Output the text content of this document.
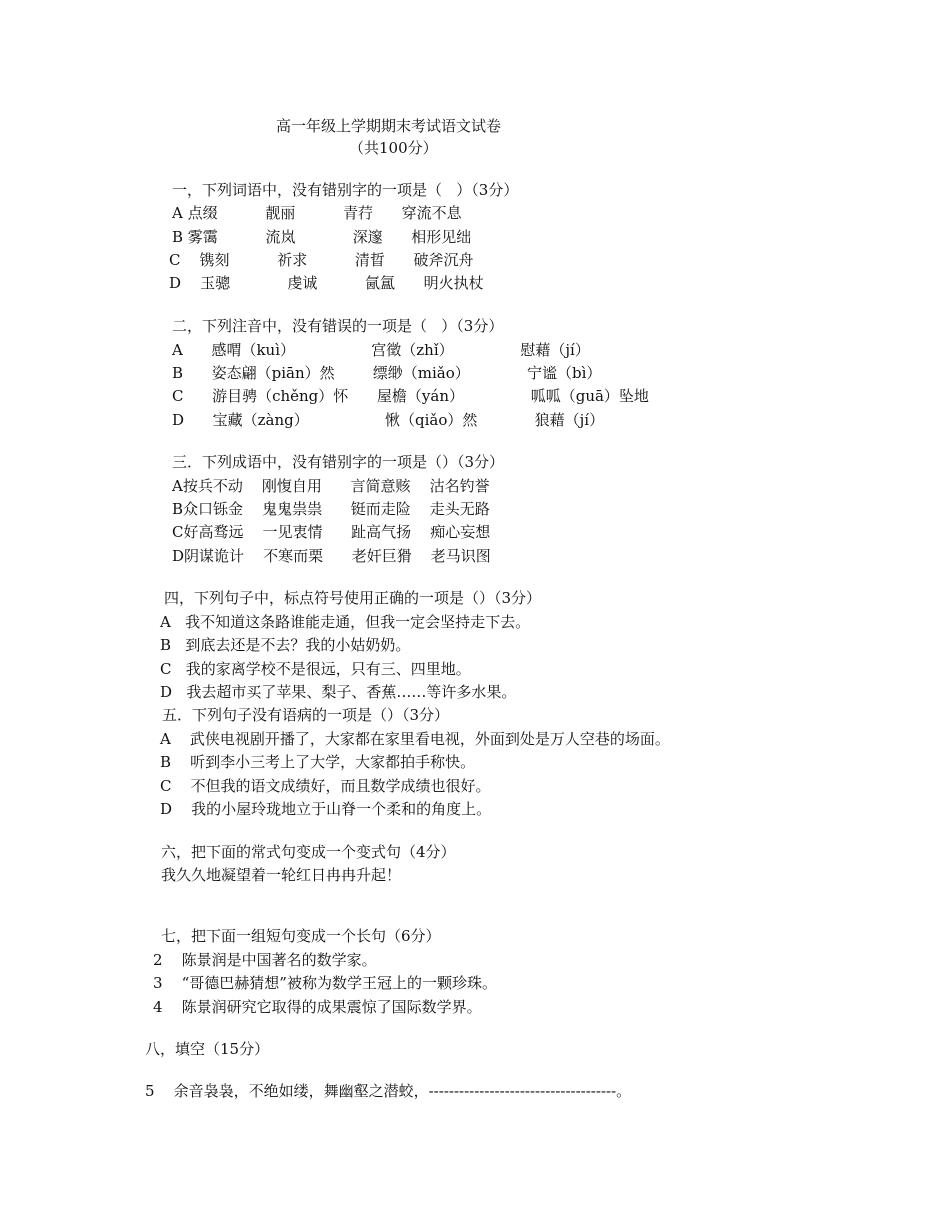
高一年级上学期期末考试语文试卷
（共100分）
一，下列词语中，没有错别字的一项是（   ）（3分）
A 点缀          靓丽          青荇      穿流不息
B 雾霭          流岚            深邃      相形见绌
C    镌刻          祈求          清晢      破斧沉舟
D    玉骢            虔诚          氤氲      明火执杖
二，下列注音中，没有错误的一项是（   ）（3分）
A      感喟（kuì）                宫徵（zhǐ）              慰藉（jí）
B      姿态翩（piān）然        缥缈（miǎo）            宁谧（bì）
C      游目骋（chěng）怀      屋檐（yán）              呱呱（guā）坠地
D      宝藏（zàng）                愀（qiǎo）然            狼藉（jí）
三．下列成语中，没有错别字的一项是（）（3分）
A按兵不动    刚愎自用      言简意赅    沽名钓誉
B众口铄金    鬼鬼祟祟      铤而走险    走头无路
C好高骛远    一见衷情      趾高气扬    痴心妄想
D阴谋诡计    不寒而栗      老奸巨猾    老马识图
四，下列句子中，标点符号使用正确的一项是（）（3分）
A   我不知道这条路谁能走通，但我一定会坚持走下去。
B   到底去还是不去？我的小姑奶奶。
C   我的家离学校不是很远，只有三、四里地。
D   我去超市买了苹果、梨子、香蕉……等许多水果。
五．下列句子没有语病的一项是（）（3分）
A    武侠电视剧开播了，大家都在家里看电视，外面到处是万人空巷的场面。
B    听到李小三考上了大学，大家都拍手称快。
C    不但我的语文成绩好，而且数学成绩也很好。
D    我的小屋玲珑地立于山脊一个柔和的角度上。
六，把下面的常式句变成一个变式句（4分）
我久久地凝望着一轮红日冉冉升起！
七，把下面一组短句变成一个长句（6分）
2    陈景润是中国著名的数学家。
3    “哥德巴赫猜想”被称为数学王冠上的一颗珍珠。
4    陈景润研究它取得的成果震惊了国际数学界。
八，填空（15分）
5    余音袅袅，不绝如缕，舞幽壑之潜蛟，-------------------------------------。
